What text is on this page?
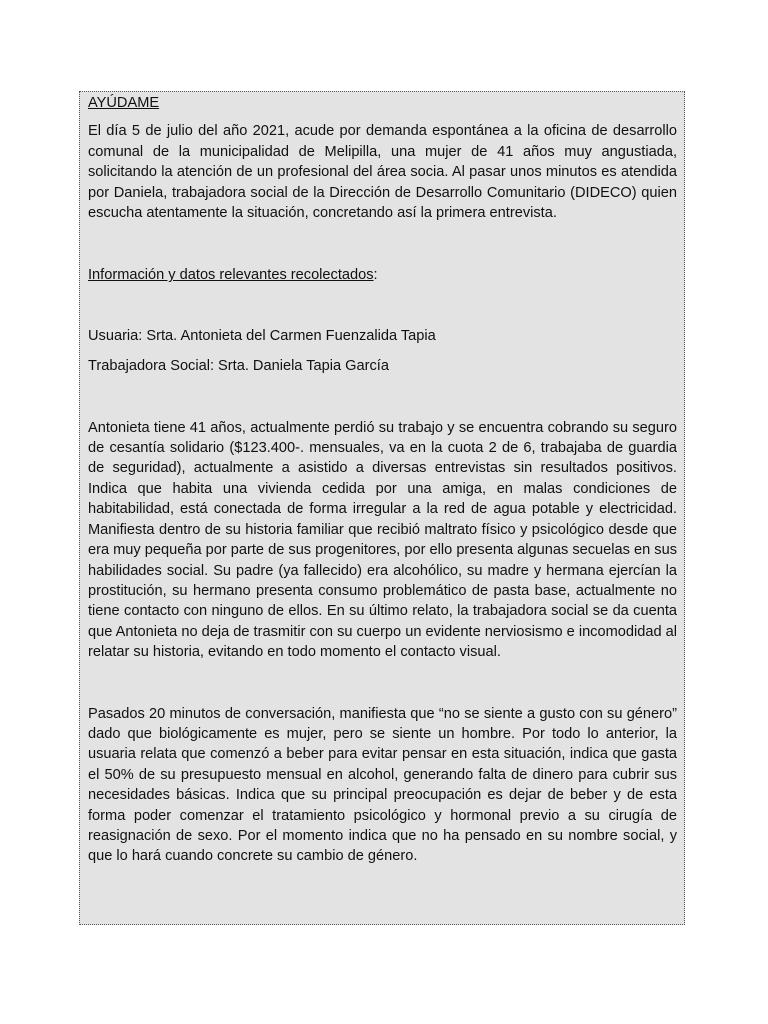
AYÚDAME

El día 5 de julio del año 2021, acude por demanda espontánea a la oficina de desarrollo comunal de la municipalidad de Melipilla, una mujer de 41 años muy angustiada, solicitando la atención de un profesional del área socia. Al pasar unos minutos es atendida por Daniela, trabajadora social de la Dirección de Desarrollo Comunitario (DIDECO) quien escucha atentamente la situación, concretando así la primera entrevista.

Información y datos relevantes recolectados:

Usuaria: Srta. Antonieta del Carmen Fuenzalida Tapia

Trabajadora Social: Srta. Daniela Tapia García

Antonieta tiene 41 años, actualmente perdió su trabajo y se encuentra cobrando su seguro de cesantía solidario ($123.400-. mensuales, va en la cuota 2 de 6, trabajaba de guardia de seguridad), actualmente a asistido a diversas entrevistas sin resultados positivos. Indica que habita una vivienda cedida por una amiga, en malas condiciones de habitabilidad, está conectada de forma irregular a la red de agua potable y electricidad. Manifiesta dentro de su historia familiar que recibió maltrato físico y psicológico desde que era muy pequeña por parte de sus progenitores, por ello presenta algunas secuelas en sus habilidades social. Su padre (ya fallecido) era alcohólico, su madre y hermana ejercían la prostitución, su hermano presenta consumo problemático de pasta base, actualmente no tiene contacto con ninguno de ellos. En su último relato, la trabajadora social se da cuenta que Antonieta no deja de trasmitir con su cuerpo un evidente nerviosismo e incomodidad al relatar su historia, evitando en todo momento el contacto visual.

Pasados 20 minutos de conversación, manifiesta que “no se siente a gusto con su género” dado que biológicamente es mujer, pero se siente un hombre. Por todo lo anterior, la usuaria relata que comenzó a beber para evitar pensar en esta situación, indica que gasta el 50% de su presupuesto mensual en alcohol, generando falta de dinero para cubrir sus necesidades básicas. Indica que su principal preocupación es dejar de beber y de esta forma poder comenzar el tratamiento psicológico y hormonal previo a su cirugía de reasignación de sexo. Por el momento indica que no ha pensado en su nombre social, y que lo hará cuando concrete su cambio de género.
